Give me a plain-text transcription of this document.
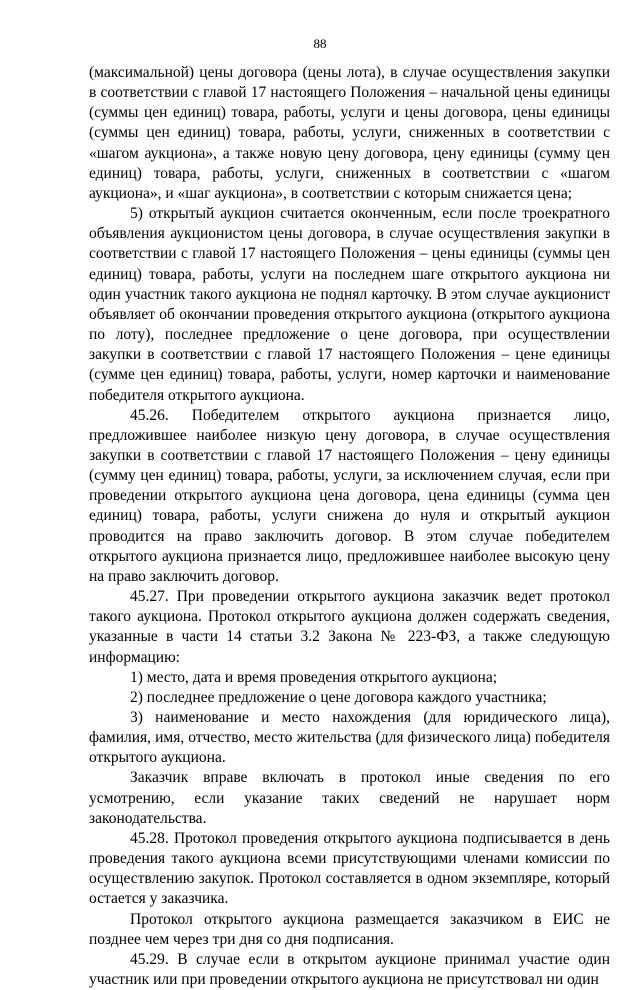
88

(максимальной) цены договора (цены лота), в случае осуществления закупки в соответствии с главой 17 настоящего Положения – начальной цены единицы (суммы цен единиц) товара, работы, услуги и цены договора, цены единицы (суммы цен единиц) товара, работы, услуги, сниженных в соответствии с «шагом аукциона», а также новую цену договора, цену единицы (сумму цен единиц) товара, работы, услуги, сниженных в соответствии с «шагом аукциона», и «шаг аукциона», в соответствии с которым снижается цена;

5) открытый аукцион считается оконченным, если после троекратного объявления аукционистом цены договора, в случае осуществления закупки в соответствии с главой 17 настоящего Положения – цены единицы (суммы цен единиц) товара, работы, услуги на последнем шаге открытого аукциона ни один участник такого аукциона не поднял карточку. В этом случае аукционист объявляет об окончании проведения открытого аукциона (открытого аукциона по лоту), последнее предложение о цене договора, при осуществлении закупки в соответствии с главой 17 настоящего Положения – цене единицы (сумме цен единиц) товара, работы, услуги, номер карточки и наименование победителя открытого аукциона.

45.26. Победителем открытого аукциона признается лицо, предложившее наиболее низкую цену договора, в случае осуществления закупки в соответствии с главой 17 настоящего Положения – цену единицы (сумму цен единиц) товара, работы, услуги, за исключением случая, если при проведении открытого аукциона цена договора, цена единицы (сумма цен единиц) товара, работы, услуги снижена до нуля и открытый аукцион проводится на право заключить договор. В этом случае победителем открытого аукциона признается лицо, предложившее наиболее высокую цену на право заключить договор.

45.27. При проведении открытого аукциона заказчик ведет протокол такого аукциона. Протокол открытого аукциона должен содержать сведения, указанные в части 14 статьи 3.2 Закона № 223-ФЗ, а также следующую информацию:

1) место, дата и время проведения открытого аукциона;

2) последнее предложение о цене договора каждого участника;

3) наименование и место нахождения (для юридического лица), фамилия, имя, отчество, место жительства (для физического лица) победителя открытого аукциона.

Заказчик вправе включать в протокол иные сведения по его усмотрению, если указание таких сведений не нарушает норм законодательства.

45.28. Протокол проведения открытого аукциона подписывается в день проведения такого аукциона всеми присутствующими членами комиссии по осуществлению закупок. Протокол составляется в одном экземпляре, который остается у заказчика.

Протокол открытого аукциона размещается заказчиком в ЕИС не позднее чем через три дня со дня подписания.

45.29. В случае если в открытом аукционе принимал участие один участник или при проведении открытого аукциона не присутствовал ни один
